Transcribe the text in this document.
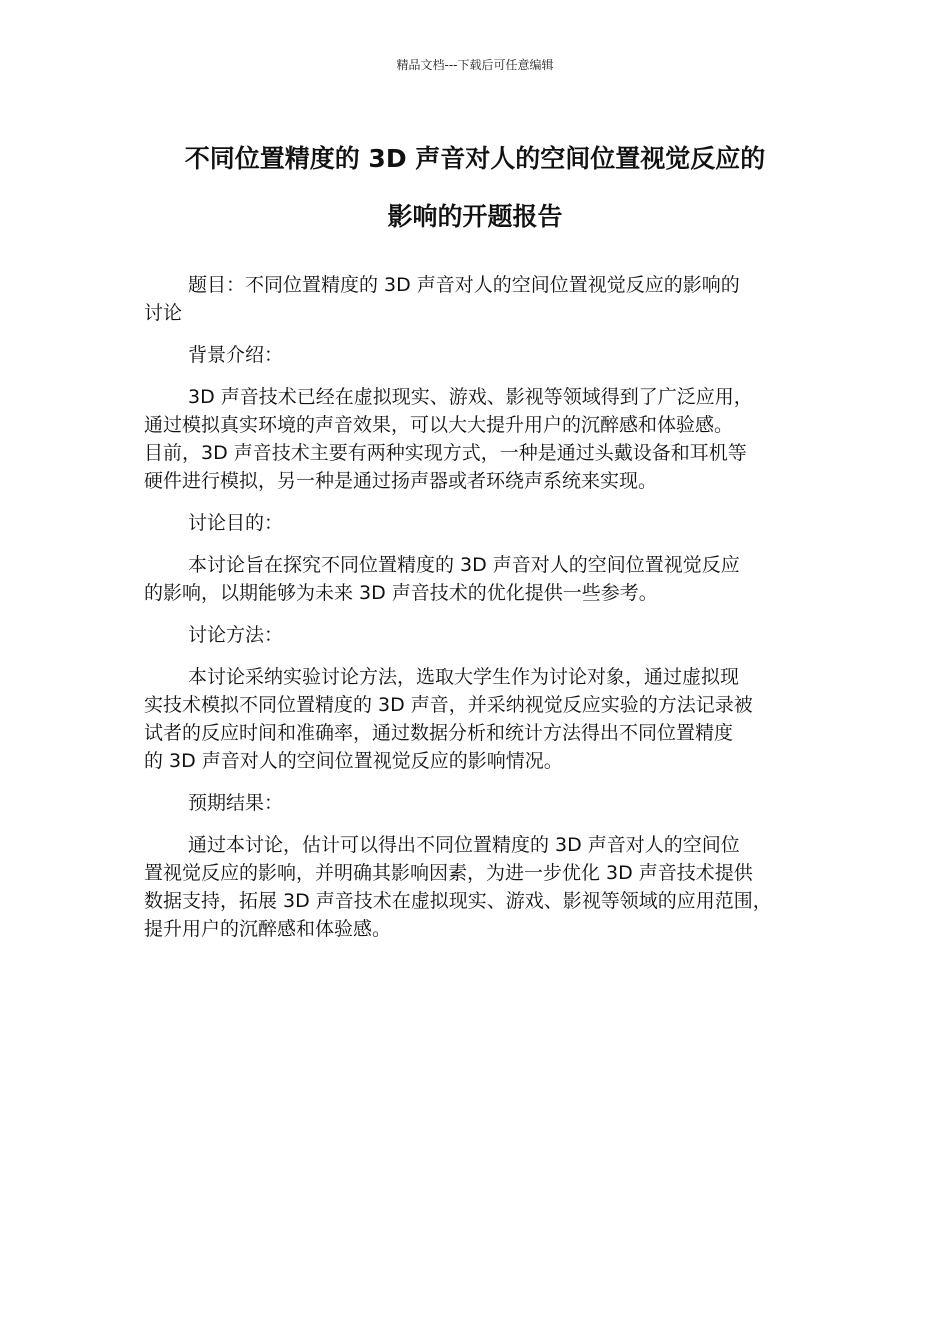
精品文档---下载后可任意编辑
不同位置精度的 3D 声音对人的空间位置视觉反应的
影响的开题报告

题目：不同位置精度的 3D 声音对人的空间位置视觉反应的影响的
讨论

背景介绍：

3D 声音技术已经在虚拟现实、游戏、影视等领域得到了广泛应用，
通过模拟真实环境的声音效果，可以大大提升用户的沉醉感和体验感。
目前，3D 声音技术主要有两种实现方式，一种是通过头戴设备和耳机等
硬件进行模拟，另一种是通过扬声器或者环绕声系统来实现。

讨论目的：

本讨论旨在探究不同位置精度的 3D 声音对人的空间位置视觉反应
的影响，以期能够为未来 3D 声音技术的优化提供一些参考。

讨论方法：

本讨论采纳实验讨论方法，选取大学生作为讨论对象，通过虚拟现
实技术模拟不同位置精度的 3D 声音，并采纳视觉反应实验的方法记录被
试者的反应时间和准确率，通过数据分析和统计方法得出不同位置精度
的 3D 声音对人的空间位置视觉反应的影响情况。

预期结果：

通过本讨论，估计可以得出不同位置精度的 3D 声音对人的空间位
置视觉反应的影响，并明确其影响因素，为进一步优化 3D 声音技术提供
数据支持，拓展 3D 声音技术在虚拟现实、游戏、影视等领域的应用范围，
提升用户的沉醉感和体验感。
